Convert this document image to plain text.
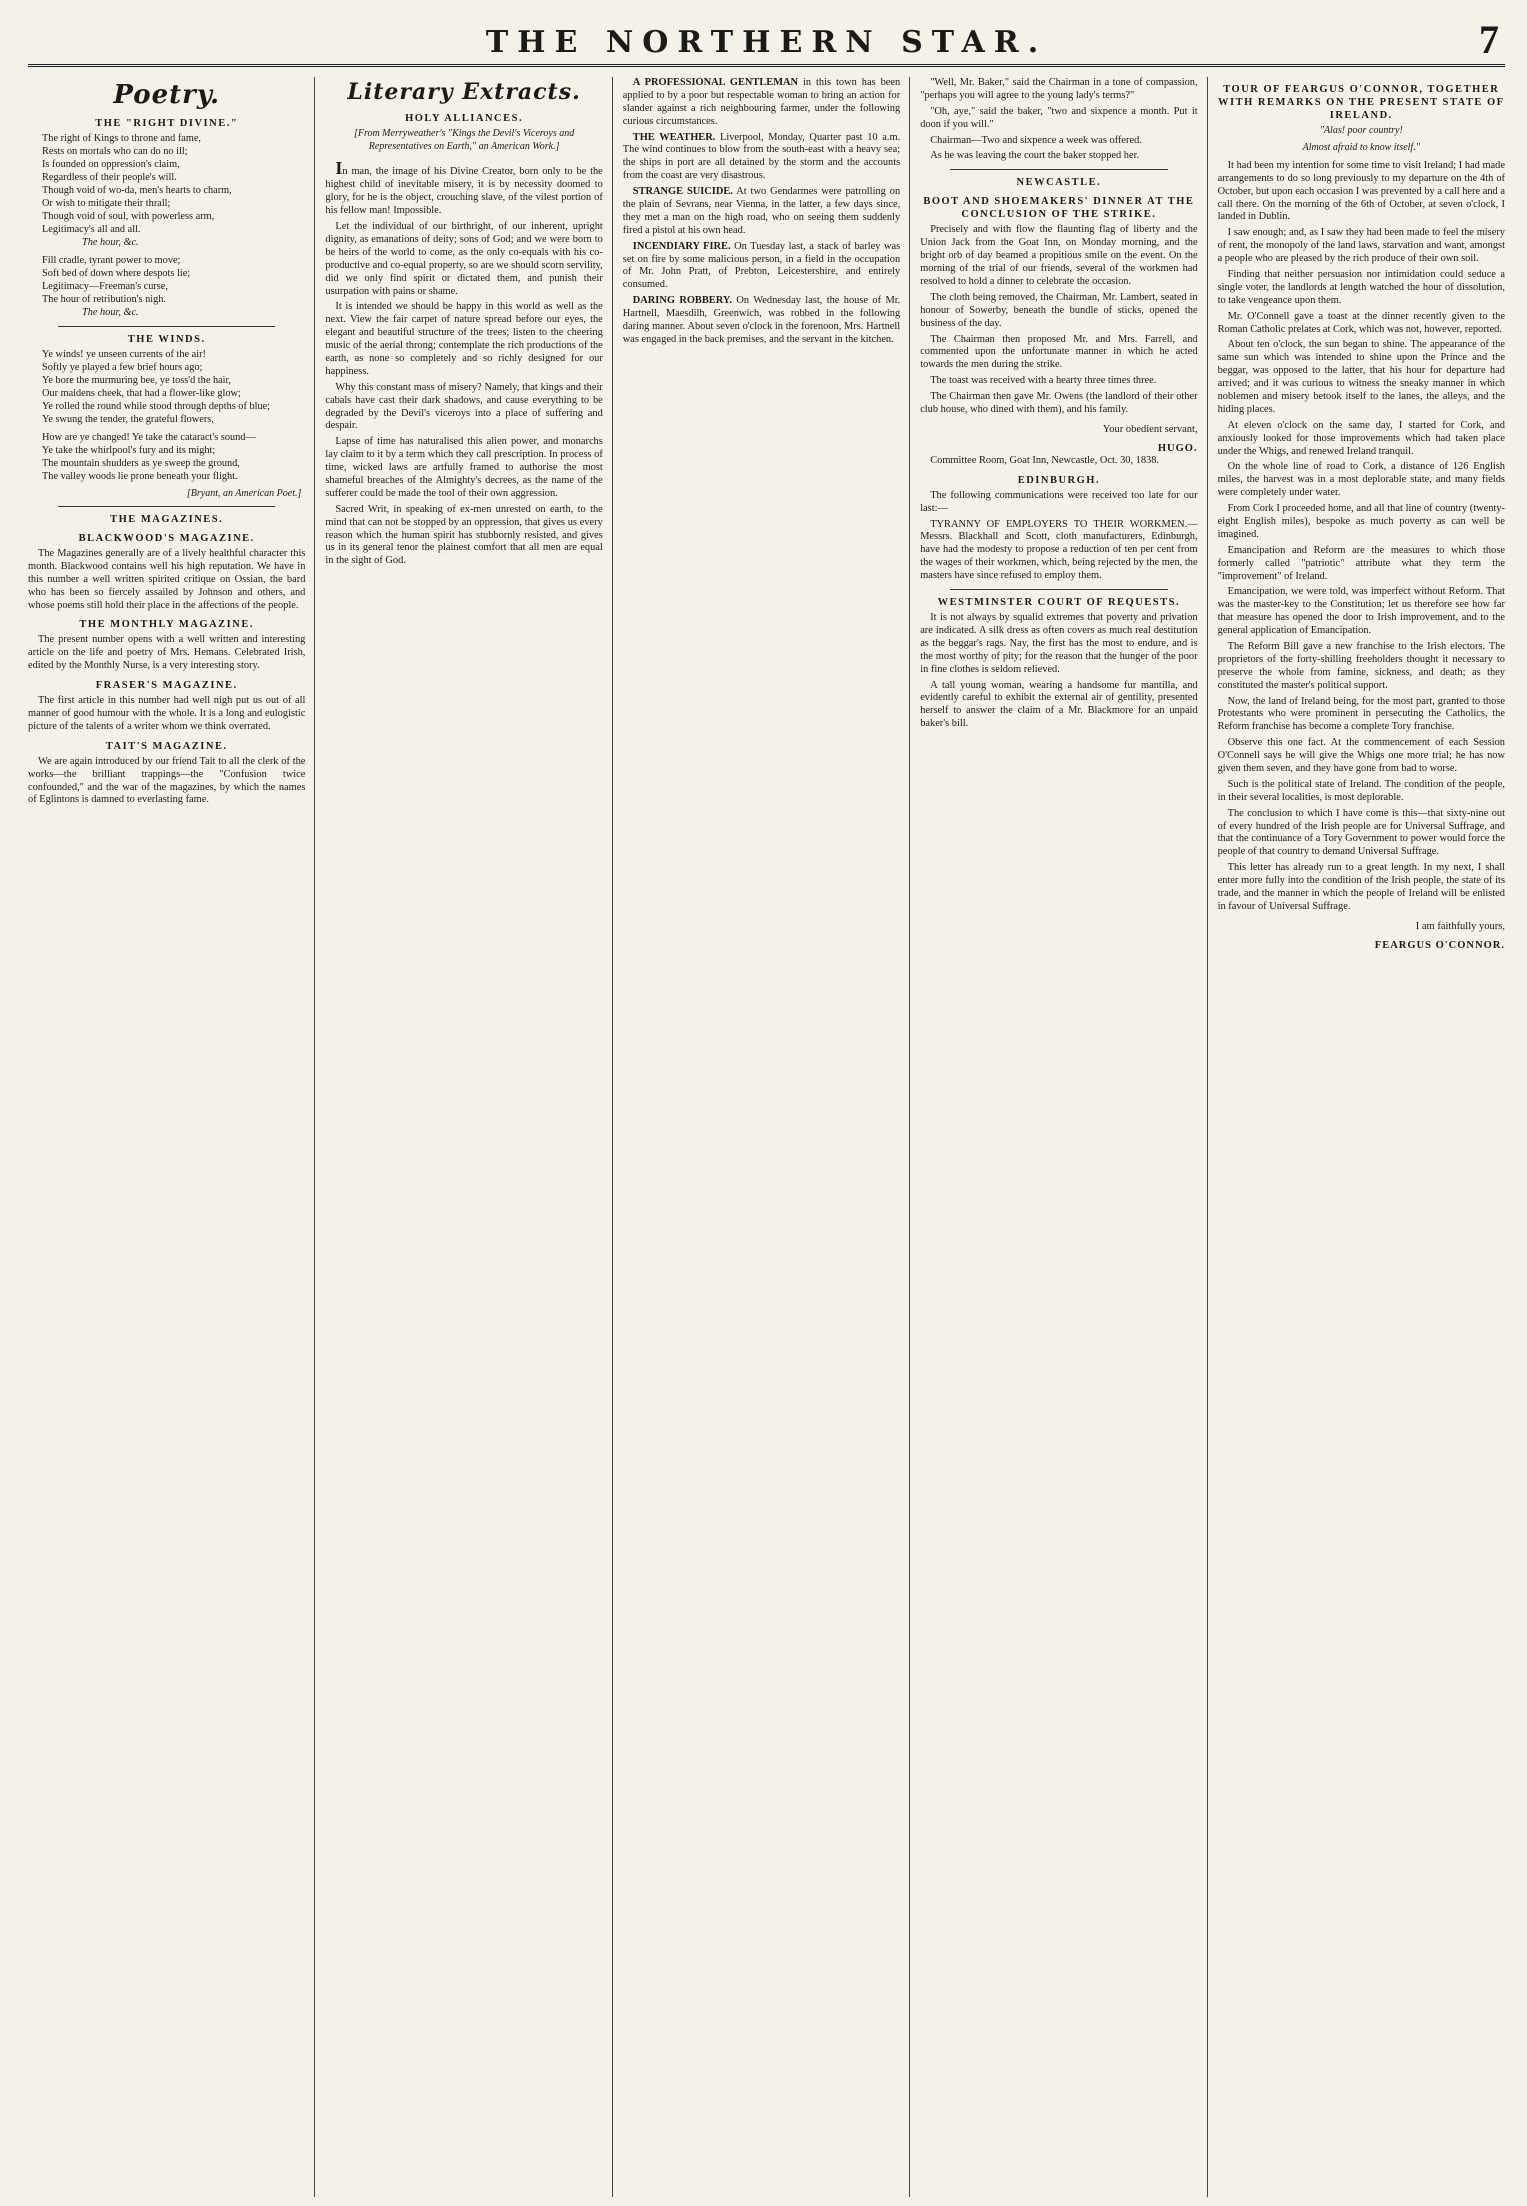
THE NORTHERN STAR.	7
Poetry.
THE "RIGHT DIVINE."
The right of Kings to throne and fame,
Rests on mortals who can do no ill;
Is founded on oppression's claim,
Regardless of their people's will.
Though void of wo-da, men's hearts to charm,
Or wish to mitigate their thrall;
Though void of soul, with powerless arm,
Legitimacy's all and all.
The hour, &c.
Fill cradle, tyrant power to move;
Soft bed of down where despots lie;
Legitimacy—Freeman's curse,
The hour of retribution's nigh.
The hour, &c.
THE WINDS.
Ye winds! ye unseen currents of the air!
Softly ye played a few brief hours ago;
Ye bore the murmuring bee, ye toss'd the hair,
Our maidens cheek, that had a flower-like glow;
Ye rolled the round while stood through depths of blue;
Ye swung the tender, the grateful flowers,
How are ye changed! Ye take the cataract's sound—
Ye take the whirlpool's fury and its might;
The mountain shudders as ye sweep the ground,
The valley woods lie prone beneath your flight.
[Bryant, an American Poet.]
THE MAGAZINES.
BLACKWOOD'S MAGAZINE.

The Magazines generally are of a lively healthful character this month. Blackwood contains well his high reputation. We have in this number a well written spirited critique on Ossian, the bard who has been so fiercely assailed by Johnson and others, and whose poems still hold their place in the affections of the people.

THE MONTHLY MAGAZINE.

The present number opens with a well written and interesting article on the life and poetry of Mrs. Hemans. Celebrated Irish, edited by the Monthly Nurse, is a very interesting story.

FRASER'S MAGAZINE.

The first article in this number had well nigh put us out of all manner of good humour with the whole. It is a long and eulogistic picture of the talents of a writer whom we think overrated.

TAIT'S MAGAZINE.

We are again introduced by our friend Tait to all the clerk of the works—the brilliant trappings—the "Confusion twice confounded," and the war of the magazines, by which the names of Eglintons is damned to everlasting fame.

Literary Extracts.
HOLY ALLIANCES.
[From Merryweather's "Kings the Devil's Viceroys and Representatives on Earth," an American Work.]

In man, the image of his Divine Creator, born only to be the highest child of inevitable misery, it is by necessity doomed to glory, for he is the object, crouching slave, of the vilest portion of his fellow man! Impossible.

Let the individual of our birthright, of our inherent, upright dignity, as emanations of deity; sons of God; and we were born to be heirs of the world to come, as the only co-equals with his co-productive and co-equal property, so are we should scorn servility, did we only find spirit or dictated them, and punish their usurpation with pains or shame.

It is intended we should be happy in this world as well as the next. View the fair carpet of nature spread before our eyes, the elegant and beautiful structure of the trees; listen to the cheering music of the aerial throng; contemplate the rich productions of the earth, as none so completely and so richly designed for our happiness.

Why this constant mass of misery? Namely, that kings and their cabals have cast their dark shadows, and cause everything to be degraded by the Devil's viceroys into a place of suffering and despair.

Lapse of time has naturalised this alien power, and monarchs lay claim to it by a term which they call prescription. In process of time, wicked laws are artfully framed to authorise the most shameful breaches of the Almighty's decrees, as the name of the sufferer could be made the tool of their own aggression.

Sacred Writ, in speaking of ex-men unrested on earth, to the mind that can not be stopped by an oppression, that gives us every reason which the human spirit has stubbornly resisted, and gives us in its general tenor the plainest comfort that all men are equal in the sight of God.

A PROFESSIONAL GENTLEMAN in this town has been applied to by a poor but respectable woman to bring an action for slander against a rich neighbouring farmer, under the following curious circumstances.

THE WEATHER. Liverpool, Monday, Quarter past 10 a.m. The wind continues to blow from the south-east with a heavy sea; the ships in port are all detained by the storm and the accounts from the coast are very disastrous.

STRANGE SUICIDE. At two Gendarmes were patrolling on the plain of Sevrans, near Vienna, in the latter, a few days since, they met a man on the high road, who on seeing them suddenly fired a pistol at his own head.

INCENDIARY FIRE. On Tuesday last, a stack of barley was set on fire by some malicious person, in a field in the occupation of Mr. John Pratt, of Prebton, Leicestershire, and entirely consumed.

DARING ROBBERY. On Wednesday last, the house of Mr. Hartnell, Maesdilh, Greenwich, was robbed in the following daring manner. About seven o'clock in the forenoon, Mrs. Hartnell was engaged in the back premises, and the servant in the kitchen.

"Well, Mr. Baker," said the Chairman in a tone of compassion, "perhaps you will agree to the young lady's terms?"

"Oh, aye," said the baker, "two and sixpence a month. Put it doon if you will."

Chairman—Two and sixpence a week was offered.

As he was leaving the court the baker stopped her.

NEWCASTLE.
BOOT AND SHOEMAKERS' DINNER AT THE CONCLUSION OF THE STRIKE.

Precisely and with flow the flaunting flag of liberty and the Union Jack from the Goat Inn, on Monday morning, and the bright orb of day beamed a propitious smile on the event. On the morning of the trial of our friends, several of the workmen had resolved to hold a dinner to celebrate the occasion.

The cloth being removed, the Chairman, Mr. Lambert, seated in honour of Sowerby, beneath the bundle of sticks, opened the business of the day.

The Chairman then proposed Mr. and Mrs. Farrell, and commented upon the unfortunate manner in which he acted towards the men during the strike.

The toast was received with a hearty three times three.

The Chairman then gave Mr. Owens (the landlord of their other club house, who dined with them), and his family.

Your obedient servant,
HUGO.

Committee Room, Goat Inn, Newcastle, Oct. 30, 1838.

EDINBURGH.

The following communications were received too late for our last:—

TYRANNY OF EMPLOYERS TO THEIR WORKMEN.—Messrs. Blackhall and Scott, cloth manufacturers, Edinburgh, have had the modesty to propose a reduction of ten per cent from the wages of their workmen, which, being rejected by the men, the masters have since refused to employ them.

WESTMINSTER COURT OF REQUESTS.

It is not always by squalid extremes that poverty and privation are indicated. A silk dress as often covers as much real destitution as the beggar's rags. Nay, the first has the most to endure, and is the most worthy of pity; for the reason that the hunger of the poor in fine clothes is seldom relieved.

A tall young woman, wearing a handsome fur mantilla, and evidently careful to exhibit the external air of gentility, presented herself to answer the claim of a Mr. Blackmore for an unpaid baker's bill.

TOUR OF FEARGUS O'CONNOR, TOGETHER WITH REMARKS ON THE PRESENT STATE OF IRELAND.
"Alas! poor country!
Almost afraid to know itself."

It had been my intention for some time to visit Ireland; I had made arrangements to do so long previously to my departure on the 4th of October, but upon each occasion I was prevented by a call here and a call there. On the morning of the 6th of October, at seven o'clock, I landed in Dublin.

I saw enough; and, as I saw they had been made to feel the misery of rent, the monopoly of the land laws, starvation and want, amongst a people who are pleased by the rich produce of their own soil.

Finding that neither persuasion nor intimidation could seduce a single voter, the landlords at length watched the hour of dissolution, to take vengeance upon them.

Mr. O'Connell gave a toast at the dinner recently given to the Roman Catholic prelates at Cork, which was not, however, reported.

About ten o'clock, the sun began to shine. The appearance of the same sun which was intended to shine upon the Prince and the beggar, was opposed to the latter, that his hour for departure had arrived; and it was curious to witness the sneaky manner in which noblemen and misery betook itself to the lanes, the alleys, and the hiding places.

At eleven o'clock on the same day, I started for Cork, and anxiously looked for those improvements which had taken place under the Whigs, and renewed Ireland tranquil.

On the whole line of road to Cork, a distance of 126 English miles, the harvest was in a most deplorable state, and many fields were completely under water.

From Cork I proceeded home, and all that line of country (twenty-eight English miles), bespoke as much poverty as can well be imagined.

Emancipation and Reform are the measures to which those formerly called "patriotic" attribute what they term the "improvement" of Ireland.

Emancipation, we were told, was imperfect without Reform. That was the master-key to the Constitution; let us therefore see how far that measure has opened the door to Irish improvement, and to the general application of Emancipation.

The Reform Bill gave a new franchise to the Irish electors. The proprietors of the forty-shilling freeholders thought it necessary to preserve the whole from famine, sickness, and death; as they constituted the master's political support.

Now, the land of Ireland being, for the most part, granted to those Protestants who were prominent in persecuting the Catholics, the Reform franchise has become a complete Tory franchise.

Observe this one fact. At the commencement of each Session O'Connell says he will give the Whigs one more trial; he has now given them seven, and they have gone from bad to worse.

Such is the political state of Ireland. The condition of the people, in their several localities, is most deplorable.

The conclusion to which I have come is this—that sixty-nine out of every hundred of the Irish people are for Universal Suffrage, and that the continuance of a Tory Government to power would force the people of that country to demand Universal Suffrage.

This letter has already run to a great length. In my next, I shall enter more fully into the condition of the Irish people, the state of its trade, and the manner in which the people of Ireland will be enlisted in favour of Universal Suffrage.

I am faithfully yours,
FEARGUS O'CONNOR.
